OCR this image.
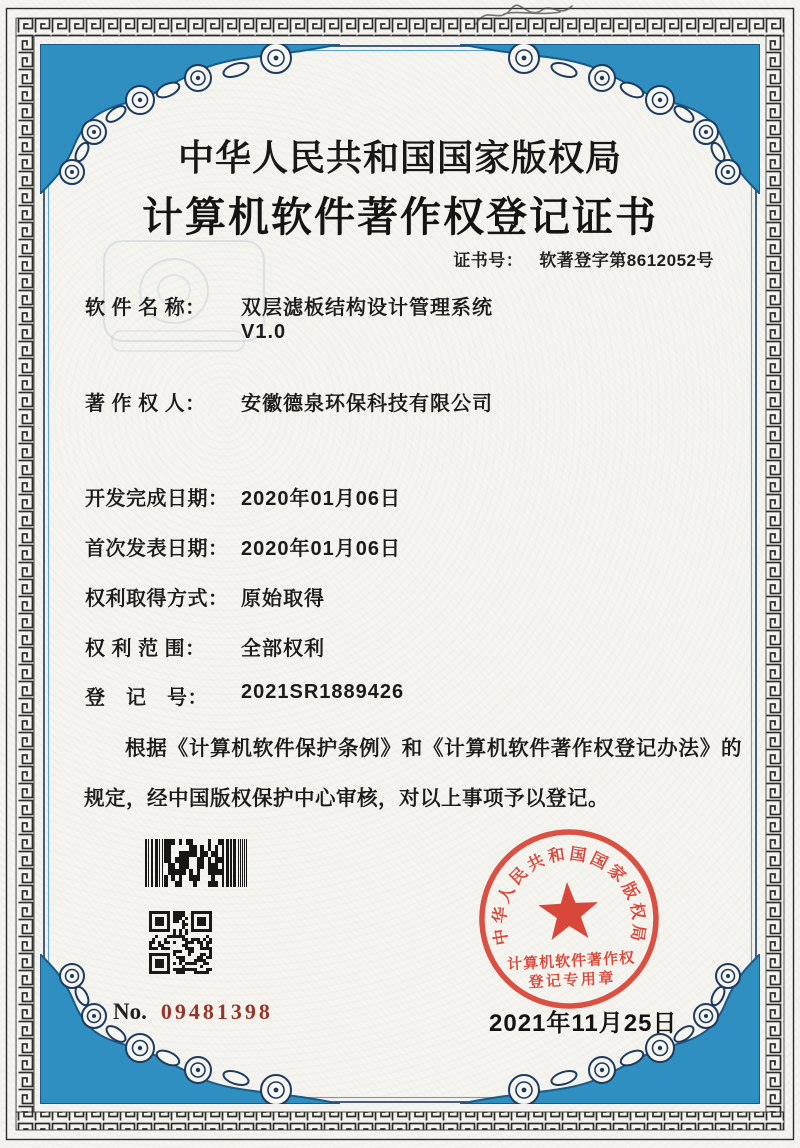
中华人民共和国国家版权局
计算机软件著作权登记证书
证书号： 软著登字第8612052号
软 件 名 称：	双层滤板结构设计管理系统
V1.0
著 作 权 人：	安徽德泉环保科技有限公司
开发完成日期： 2020年01月06日
首次发表日期： 2020年01月06日
权利取得方式： 原始取得
权 利 范 围：	全部权利
登　记　号：	2021SR1889426
根据《计算机软件保护条例》和《计算机软件著作权登记办法》的规定，经中国版权保护中心审核，对以上事项予以登记。
No. 09481398
中华人民共和国国家版权局
计算机软件著作权
登记专用章
2021年11月25日
